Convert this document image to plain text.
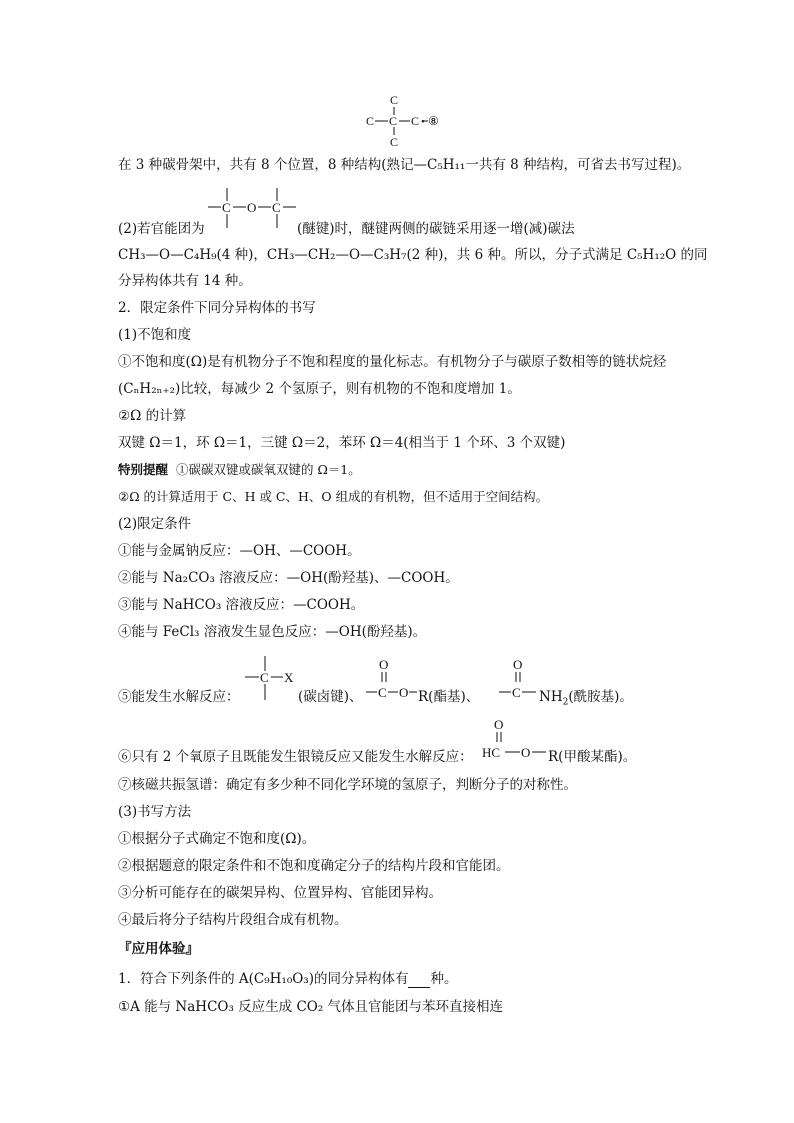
C
C C C • ⑧
C
在 3 种碳骨架中，共有 8 个位置，8 种结构(熟记—C₅H₁₁一共有 8 种结构，可省去书写过程)。
(2)若官能团为
C O C
(醚键)时，醚键两侧的碳链采用逐一增(减)碳法
CH₃—O—C₄H₉(4 种)，CH₃—CH₂—O—C₃H₇(2 种)，共 6 种。所以，分子式满足 C₅H₁₂O 的同
分异构体共有 14 种。
2．限定条件下同分异构体的书写
(1)不饱和度
①不饱和度(Ω)是有机物分子不饱和程度的量化标志。有机物分子与碳原子数相等的链状烷烃
(CₙH₂ₙ₊₂)比较，每减少 2 个氢原子，则有机物的不饱和度增加 1。
②Ω 的计算
双键 Ω＝1，环 Ω＝1，三键 Ω＝2，苯环 Ω＝4(相当于 1 个环、3 个双键)
特别提醒 ①碳碳双键或碳氧双键的 Ω＝1。
②Ω 的计算适用于 C、H 或 C、H、O 组成的有机物，但不适用于空间结构。
(2)限定条件
①能与金属钠反应：—OH、—COOH。
②能与 Na₂CO₃ 溶液反应：—OH(酚羟基)、—COOH。
③能与 NaHCO₃ 溶液反应：—COOH。
④能与 FeCl₃ 溶液发生显色反应：—OH(酚羟基)。
⑤能发生水解反应：
C X
(碳卤键)、
O
C O R(酯基)、
O
C $NH_2$(酰胺基)。
⑥只有 2 个氧原子且既能发生银镜反应又能发生水解反应：
O
HC O R(甲酸某酯)。
⑦核磁共振氢谱：确定有多少种不同化学环境的氢原子，判断分子的对称性。
(3)书写方法
①根据分子式确定不饱和度(Ω)。
②根据题意的限定条件和不饱和度确定分子的结构片段和官能团。
③分析可能存在的碳架异构、位置异构、官能团异构。
④最后将分子结构片段组合成有机物。
『应用体验』
1．符合下列条件的 A(C₉H₁₀O₃)的同分异构体有 种。
①A 能与 NaHCO₃ 反应生成 CO₂ 气体且官能团与苯环直接相连
